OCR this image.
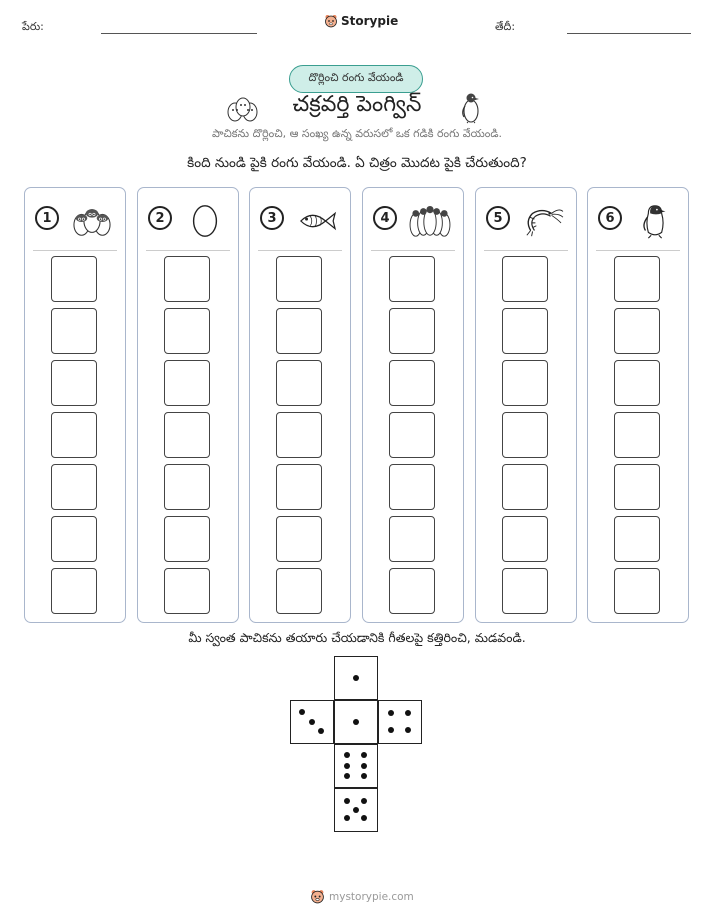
పేరు:	Storypie	తేదీ:
దొర్లించి రంగు వేయండి
చక్రవర్తి పెంగ్విన్
పాచికను దొర్లించి, ఆ సంఖ్య ఉన్న వరుసలో ఒక గడికి రంగు వేయండి.
కింది నుండి పైకి రంగు వేయండి. ఏ చిత్రం మొదట పైకి చేరుతుంది?
1	2	3	4	5	6
మీ స్వంత పాచికను తయారు చేయడానికి గీతలపై కత్తిరించి, మడవండి.
mystorypie.com
